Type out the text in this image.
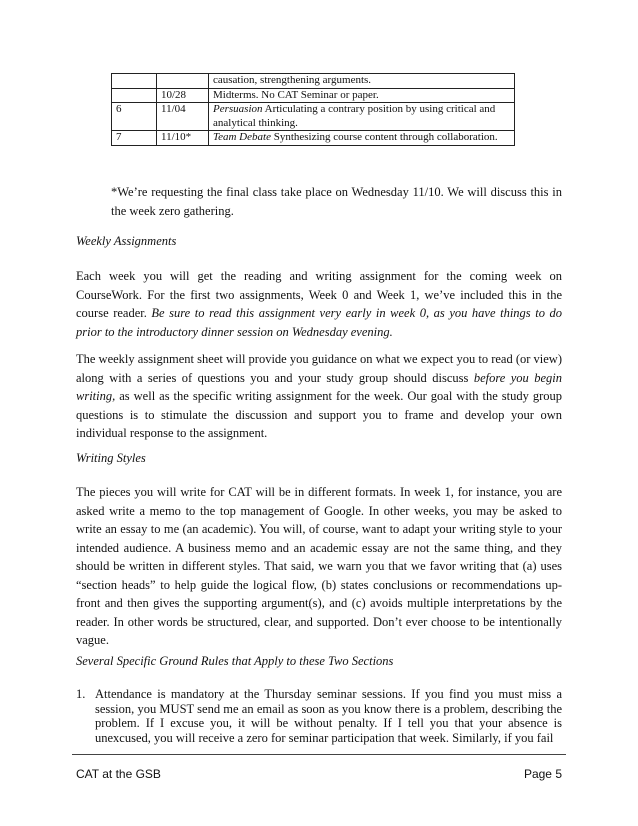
		causation, strengthening arguments.
	10/28	Midterms. No CAT Seminar or paper.
6	11/04	Persuasion Articulating a contrary position by using critical and analytical thinking.
7	11/10*	Team Debate Synthesizing course content through collaboration.
*We’re requesting the final class take place on Wednesday 11/10. We will discuss this in the week zero gathering.
Weekly Assignments
Each week you will get the reading and writing assignment for the coming week on CourseWork. For the first two assignments, Week 0 and Week 1, we’ve included this in the course reader. Be sure to read this assignment very early in week 0, as you have things to do prior to the introductory dinner session on Wednesday evening.
The weekly assignment sheet will provide you guidance on what we expect you to read (or view) along with a series of questions you and your study group should discuss before you begin writing, as well as the specific writing assignment for the week. Our goal with the study group questions is to stimulate the discussion and support you to frame and develop your own individual response to the assignment.
Writing Styles
The pieces you will write for CAT will be in different formats. In week 1, for instance, you are asked write a memo to the top management of Google. In other weeks, you may be asked to write an essay to me (an academic). You will, of course, want to adapt your writing style to your intended audience. A business memo and an academic essay are not the same thing, and they should be written in different styles. That said, we warn you that we favor writing that (a) uses “section heads” to help guide the logical flow, (b) states conclusions or recommendations up-front and then gives the supporting argument(s), and (c) avoids multiple interpretations by the reader. In other words be structured, clear, and supported. Don’t ever choose to be intentionally vague.
Several Specific Ground Rules that Apply to these Two Sections
1. Attendance is mandatory at the Thursday seminar sessions. If you find you must miss a session, you MUST send me an email as soon as you know there is a problem, describing the problem. If I excuse you, it will be without penalty. If I tell you that your absence is unexcused, you will receive a zero for seminar participation that week. Similarly, if you fail
CAT at the GSB	Page 5
